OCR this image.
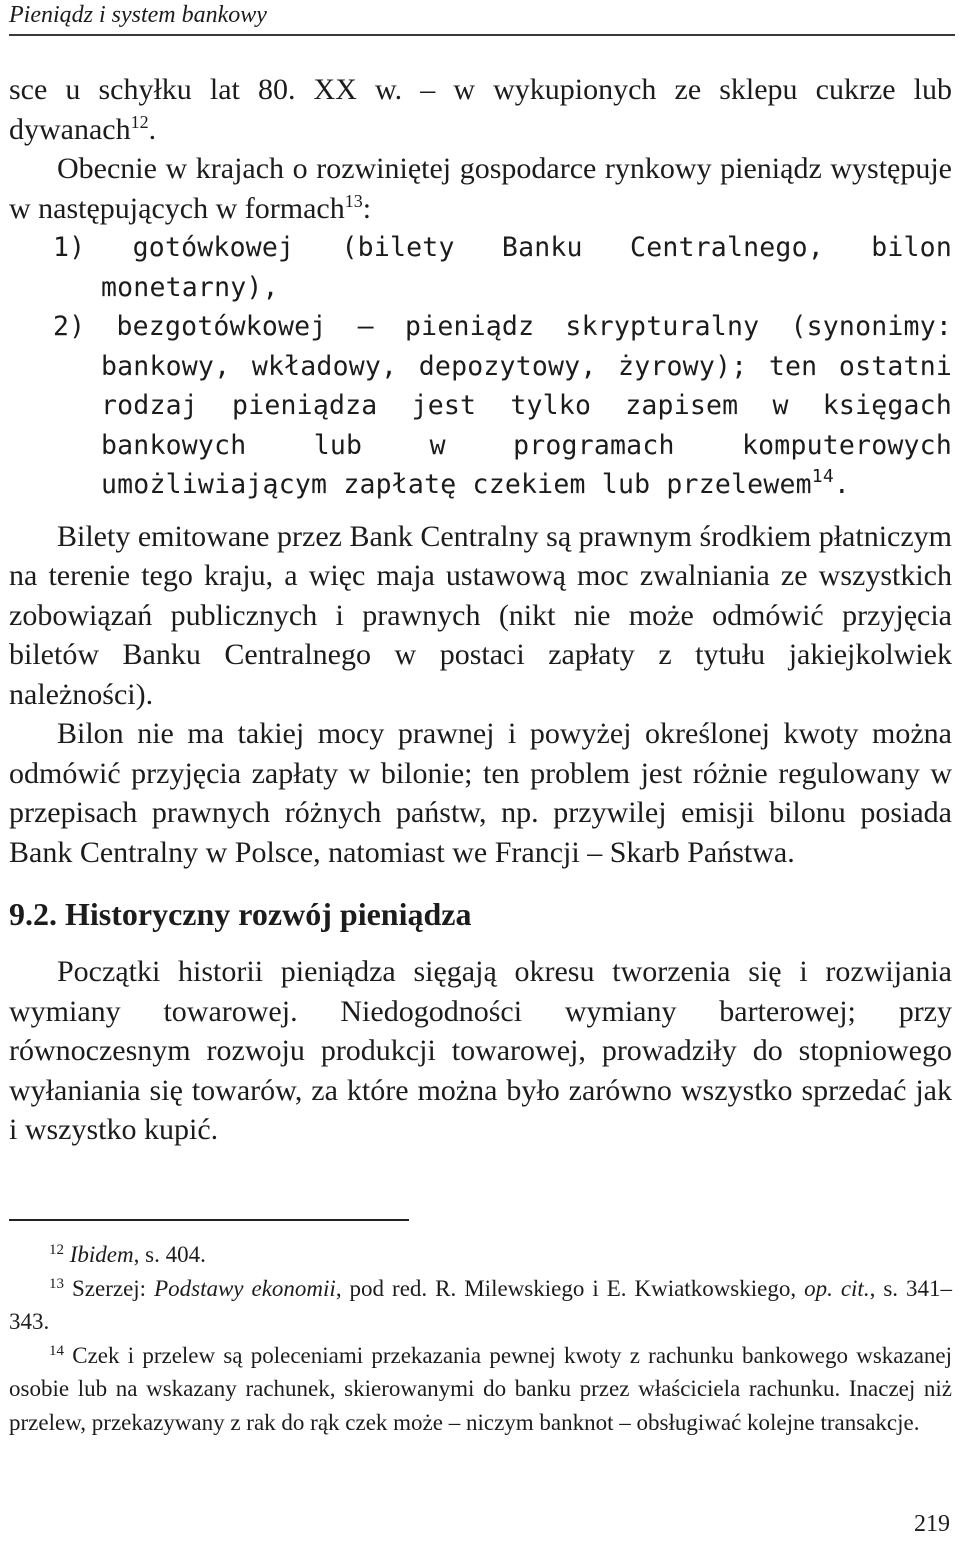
Pieniądz i system bankowy

sce u schyłku lat 80. XX w. – w wykupionych ze sklepu cukrze lub dywanach$^{12}$.

Obecnie w krajach o rozwiniętej gospodarce rynkowy pieniądz występuje w następujących w formach$^{13}$:

1) gotówkowej (bilety Banku Centralnego, bilon monetarny),

2) bezgotówkowej – pieniądz skrypturalny (synonimy: bankowy, wkładowy, depozytowy, żyrowy); ten ostatni rodzaj pieniądza jest tylko zapisem w księgach bankowych lub w programach komputerowych umożliwiającym zapłatę czekiem lub przelewem$^{14}$.

Bilety emitowane przez Bank Centralny są prawnym środkiem płatniczym na terenie tego kraju, a więc maja ustawową moc zwalniania ze wszystkich zobowiązań publicznych i prawnych (nikt nie może odmówić przyjęcia biletów Banku Centralnego w postaci zapłaty z tytułu jakiejkolwiek należności).

Bilon nie ma takiej mocy prawnej i powyżej określonej kwoty można odmówić przyjęcia zapłaty w bilonie; ten problem jest różnie regulowany w przepisach prawnych różnych państw, np. przywilej emisji bilonu posiada Bank Centralny w Polsce, natomiast we Francji – Skarb Państwa.

9.2. Historyczny rozwój pieniądza

Początki historii pieniądza sięgają okresu tworzenia się i rozwijania wymiany towarowej. Niedogodności wymiany barterowej; przy równoczesnym rozwoju produkcji towarowej, prowadziły do stopniowego wyłaniania się towarów, za które można było zarówno wszystko sprzedać jak i wszystko kupić.

$^{12}$ Ibidem, s. 404.

$^{13}$ Szerzej: Podstawy ekonomii, pod red. R. Milewskiego i E. Kwiatkowskiego, op. cit., s. 341–343.

$^{14}$ Czek i przelew są poleceniami przekazania pewnej kwoty z rachunku bankowego wskazanej osobie lub na wskazany rachunek, skierowanymi do banku przez właściciela rachunku. Inaczej niż przelew, przekazywany z rak do rąk czek może – niczym banknot – obsługiwać kolejne transakcje.

219
